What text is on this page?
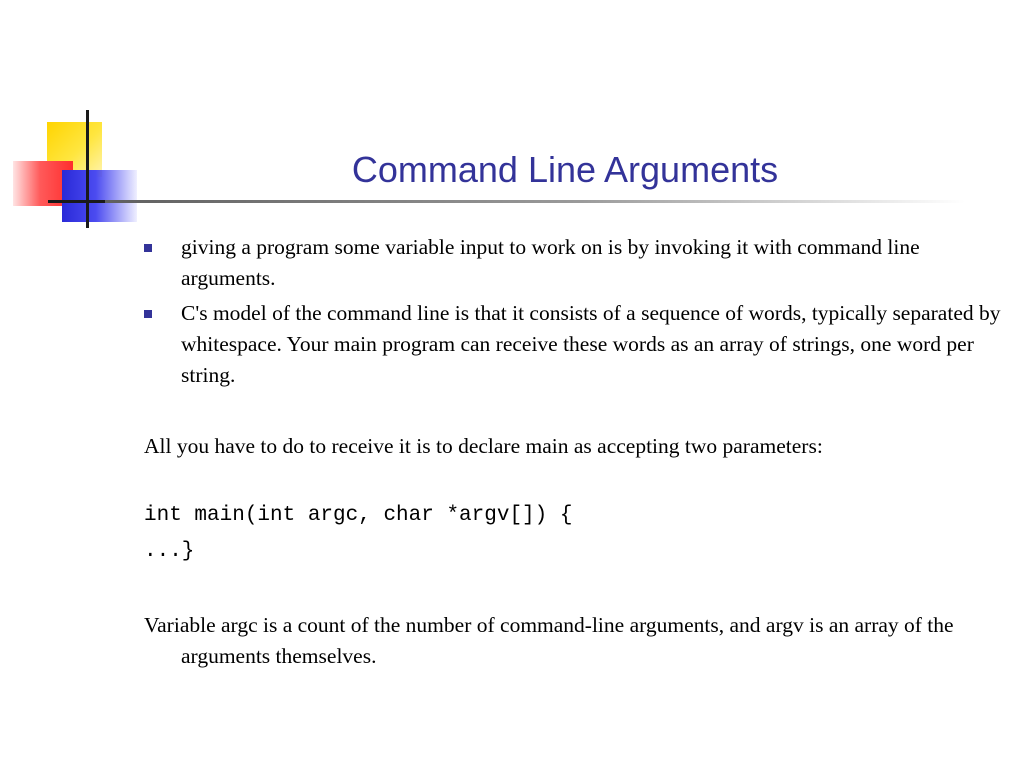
Command Line Arguments
giving a program some variable input to work on is by invoking it with command line arguments.
C's model of the command line is that it consists of a sequence of words, typically separated by whitespace. Your main program can receive these words as an array of strings, one word per string.
All you have to do to receive it is to declare main as accepting two parameters:
int main(int argc, char *argv[]) {
...}
Variable argc is a count of the number of command-line arguments, and argv is an array of the arguments themselves.
